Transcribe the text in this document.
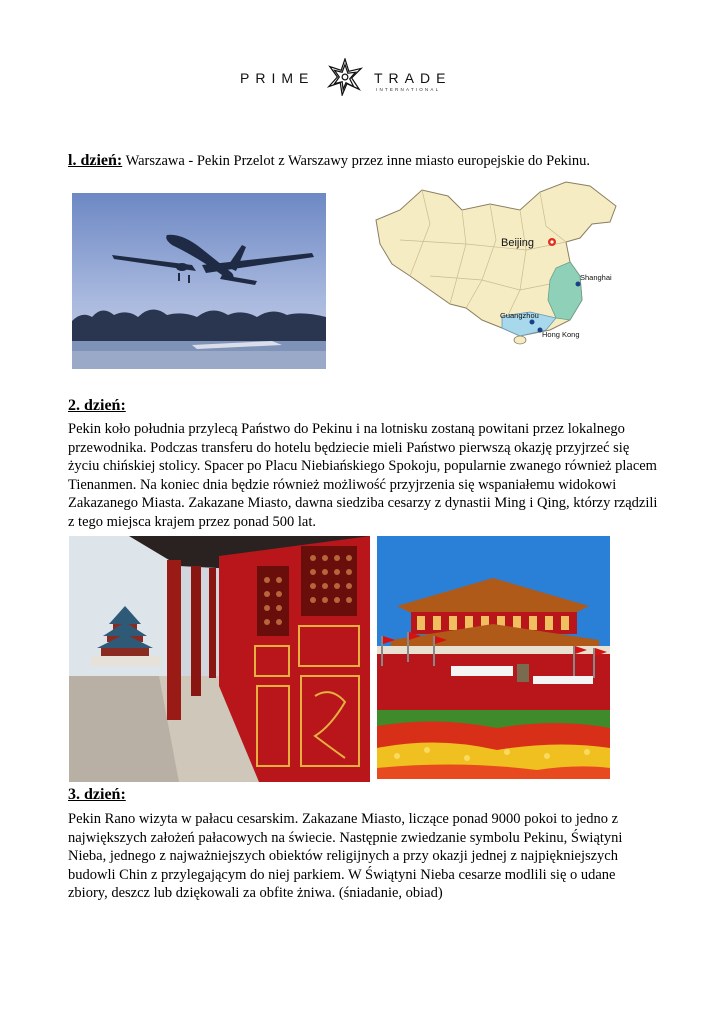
PRIME	TRADE
INTERNATIONAL
l. dzień: Warszawa - Pekin Przelot z Warszawy przez inne miasto europejskie do Pekinu.
Beijing
Shanghai
Guangzhou
Hong Kong
2. dzień:
Pekin koło południa przylecą Państwo do Pekinu i na lotnisku zostaną powitani przez lokalnego przewodnika. Podczas transferu do hotelu będziecie mieli Państwo pierwszą okazję przyjrzeć się życiu chińskiej stolicy. Spacer po Placu Niebiańskiego Spokoju, popularnie zwanego również placem Tienanmen. Na koniec dnia będzie również możliwość przyjrzenia się wspaniałemu widokowi Zakazanego Miasta. Zakazane Miasto, dawna siedziba cesarzy z dynastii Ming i Qing, którzy rządzili z tego miejsca krajem przez ponad 500 lat.
3. dzień:
Pekin Rano wizyta w pałacu cesarskim. Zakazane Miasto, liczące ponad 9000 pokoi to jedno z największych założeń pałacowych na świecie. Następnie zwiedzanie symbolu Pekinu, Świątyni Nieba, jednego z najważniejszych obiektów religijnych a przy okazji jednej z najpiękniejszych budowli Chin z przylegającym do niej parkiem. W Świątyni Nieba cesarze modlili się o udane zbiory, deszcz lub dziękowali za obfite żniwa. (śniadanie, obiad)
